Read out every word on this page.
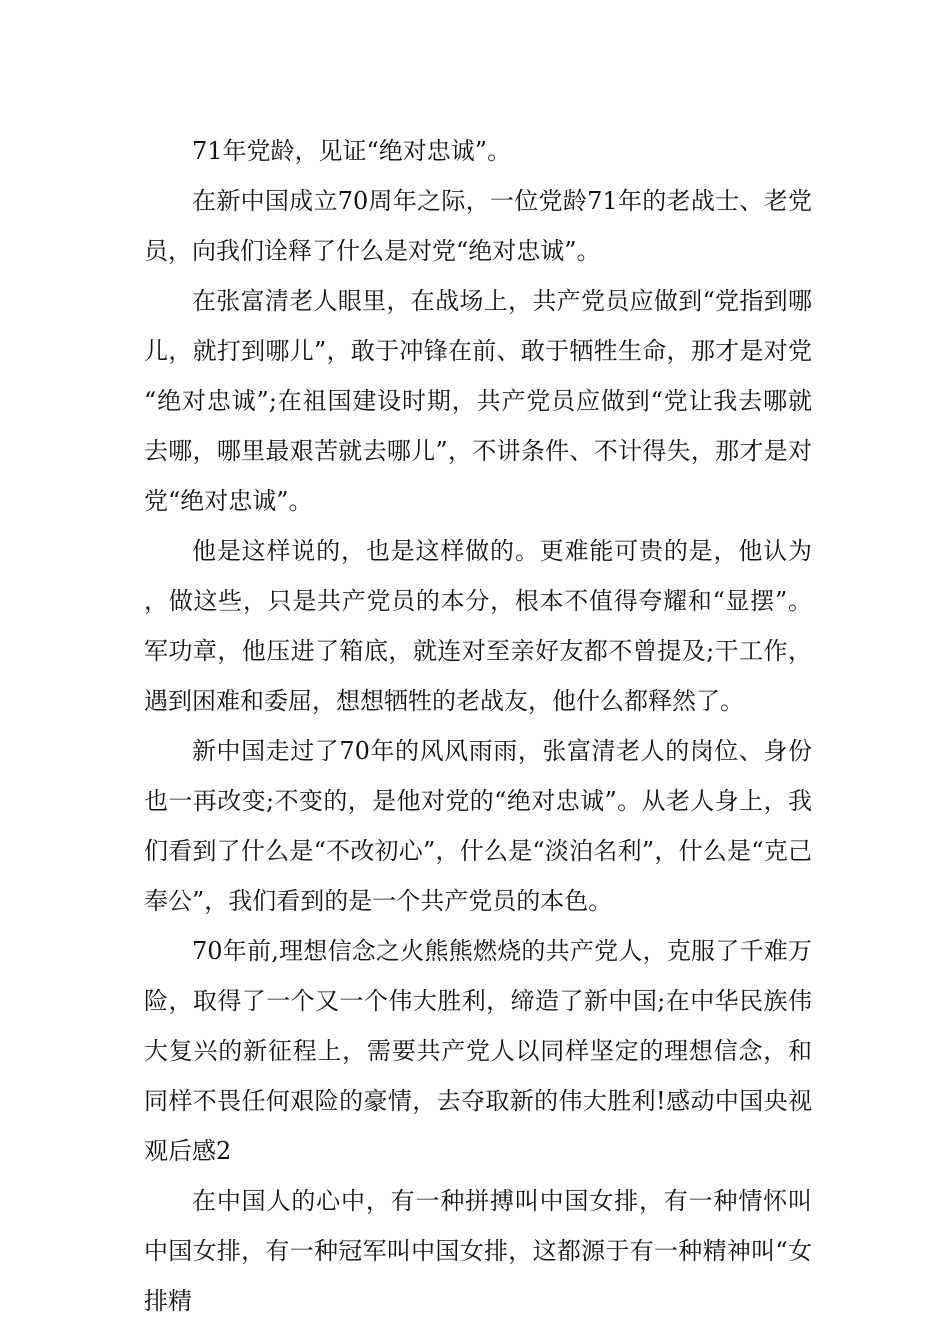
71年党龄，见证“绝对忠诚”。

在新中国成立70周年之际，一位党龄71年的老战士、老党员，向我们诠释了什么是对党“绝对忠诚”。

在张富清老人眼里，在战场上，共产党员应做到“党指到哪儿，就打到哪儿”，敢于冲锋在前、敢于牺牲生命，那才是对党“绝对忠诚”;在祖国建设时期，共产党员应做到“党让我去哪就去哪，哪里最艰苦就去哪儿”，不讲条件、不计得失，那才是对党“绝对忠诚”。

他是这样说的，也是这样做的。更难能可贵的是，他认为，做这些，只是共产党员的本分，根本不值得夸耀和“显摆”。军功章，他压进了箱底，就连对至亲好友都不曾提及;干工作，遇到困难和委屈，想想牺牲的老战友，他什么都释然了。

新中国走过了70年的风风雨雨，张富清老人的岗位、身份也一再改变;不变的，是他对党的“绝对忠诚”。从老人身上，我们看到了什么是“不改初心”，什么是“淡泊名利”，什么是“克己奉公”，我们看到的是一个共产党员的本色。

70年前,理想信念之火熊熊燃烧的共产党人，克服了千难万险，取得了一个又一个伟大胜利，缔造了新中国;在中华民族伟大复兴的新征程上，需要共产党人以同样坚定的理想信念，和同样不畏任何艰险的豪情，去夺取新的伟大胜利!感动中国央视观后感2

在中国人的心中，有一种拼搏叫中国女排，有一种情怀叫中国女排，有一种冠军叫中国女排，这都源于有一种精神叫“女排精
